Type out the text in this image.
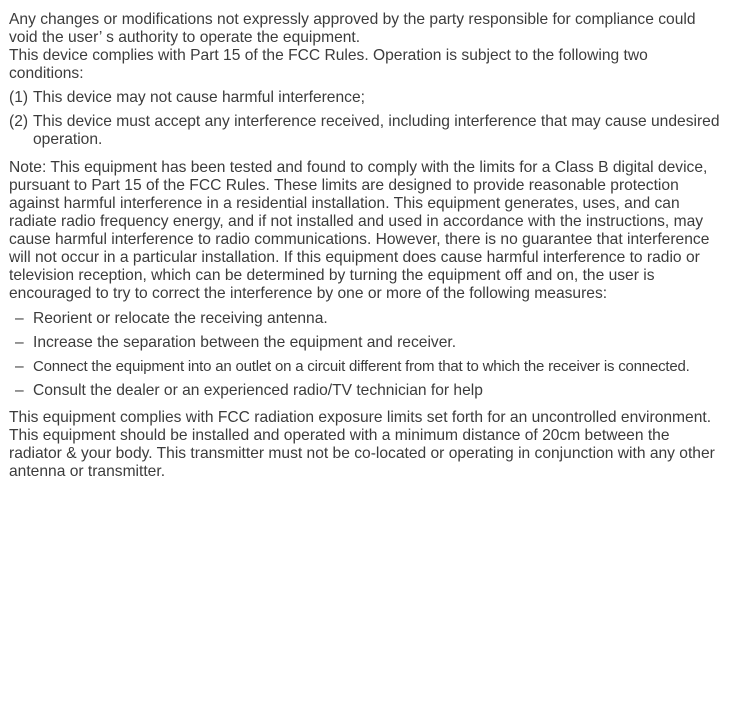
Any changes or modifications not expressly approved by the party responsible for compliance could
void the user’ s authority to operate the equipment.
This device complies with Part 15 of the FCC Rules. Operation is subject to the following two conditions:

(1) This device may not cause harmful interference;
(2) This device must accept any interference received, including interference that may cause undesired operation.

Note: This equipment has been tested and found to comply with the limits for a Class B digital device, pursuant to Part 15 of the FCC Rules. These limits are designed to provide reasonable protection against harmful interference in a residential installation. This equipment generates, uses, and can radiate radio frequency energy, and if not installed and used in accordance with the instructions, may cause harmful interference to radio communications. However, there is no guarantee that interference will not occur in a particular installation. If this equipment does cause harmful interference to radio or television reception, which can be determined by turning the equipment off and on, the user is encouraged to try to correct the interference by one or more of the following measures:

– Reorient or relocate the receiving antenna.
– Increase the separation between the equipment and receiver.
– Connect the equipment into an outlet on a circuit different from that to which the receiver is connected.
– Consult the dealer or an experienced radio/TV technician for help

This equipment complies with FCC radiation exposure limits set forth for an uncontrolled environment. This equipment should be installed and operated with a minimum distance of 20cm between the radiator & your body. This transmitter must not be co-located or operating in conjunction with any other antenna or transmitter.
